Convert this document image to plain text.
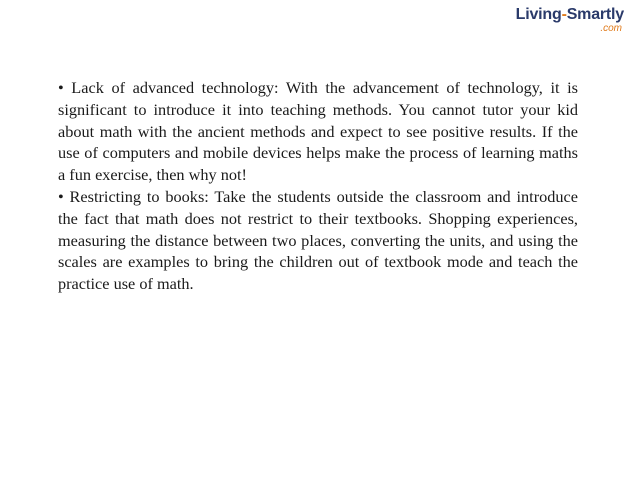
Living-Smartly
.com

• Lack of advanced technology: With the advancement of technology, it is significant to introduce it into teaching methods. You cannot tutor your kid about math with the ancient methods and expect to see positive results. If the use of computers and mobile devices helps make the process of learning maths a fun exercise, then why not!

• Restricting to books: Take the students outside the classroom and introduce the fact that math does not restrict to their textbooks. Shopping experiences, measuring the distance between two places, converting the units, and using the scales are examples to bring the children out of textbook mode and teach the practice use of math.
